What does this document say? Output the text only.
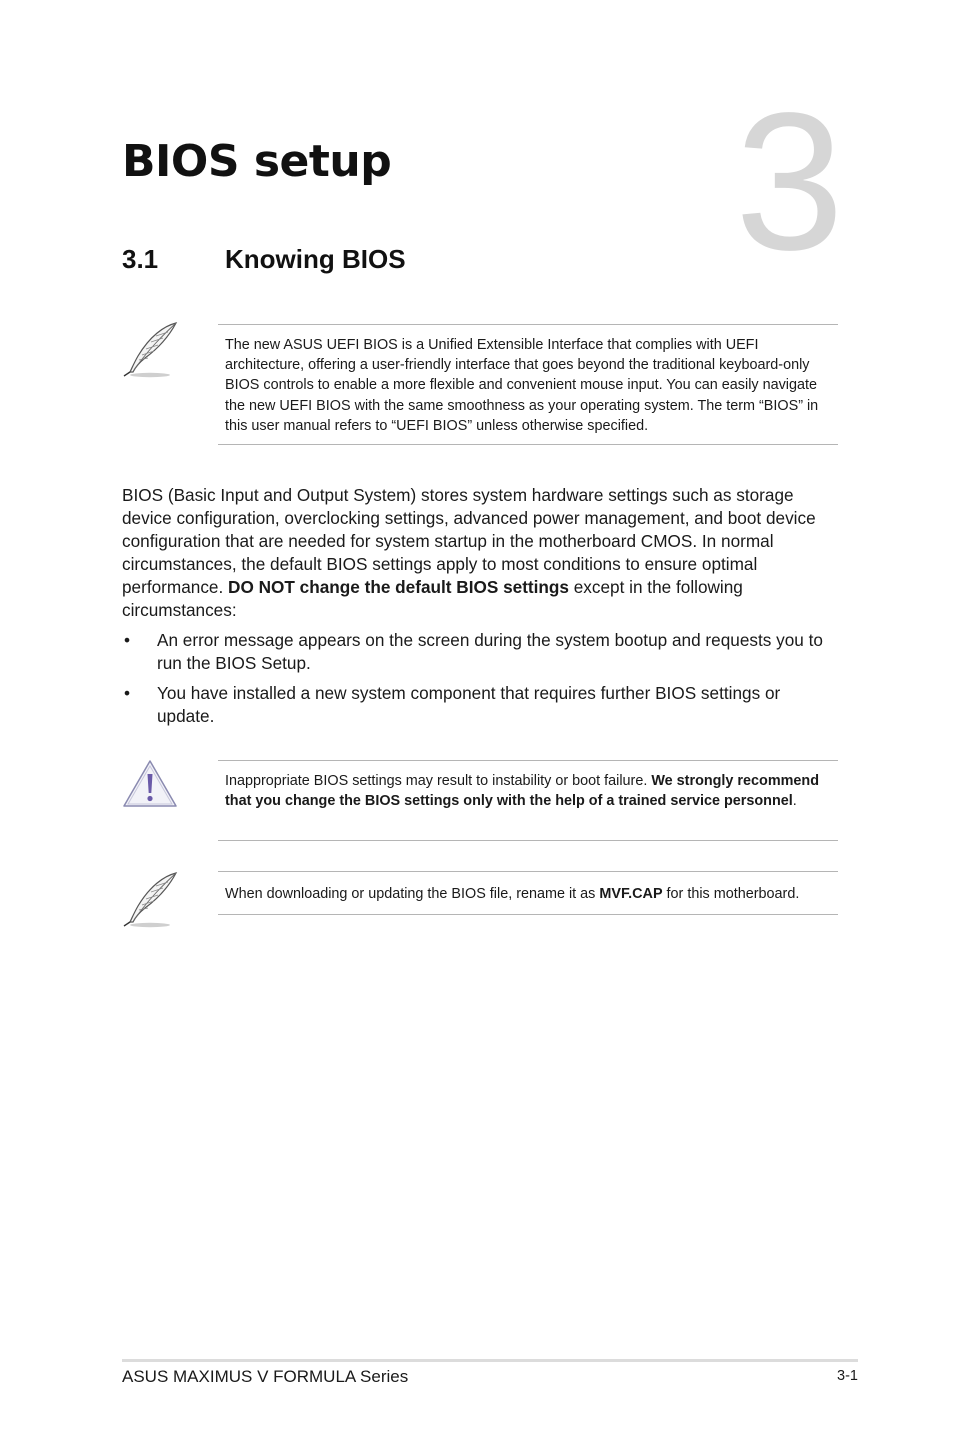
3
BIOS setup
3.1	Knowing BIOS

The new ASUS UEFI BIOS is a Unified Extensible Interface that complies with UEFI architecture, offering a user-friendly interface that goes beyond the traditional keyboard-only BIOS controls to enable a more flexible and convenient mouse input. You can easily navigate the new UEFI BIOS with the same smoothness as your operating system. The term “BIOS” in this user manual refers to “UEFI BIOS” unless otherwise specified.

BIOS (Basic Input and Output System) stores system hardware settings such as storage device configuration, overclocking settings, advanced power management, and boot device configuration that are needed for system startup in the motherboard CMOS. In normal circumstances, the default BIOS settings apply to most conditions to ensure optimal performance. DO NOT change the default BIOS settings except in the following circumstances:

• An error message appears on the screen during the system bootup and requests you to run the BIOS Setup.
• You have installed a new system component that requires further BIOS settings or update.

Inappropriate BIOS settings may result to instability or boot failure. We strongly recommend that you change the BIOS settings only with the help of a trained service personnel.

When downloading or updating the BIOS file, rename it as MVF.CAP for this motherboard.

ASUS MAXIMUS V FORMULA Series	3-1
